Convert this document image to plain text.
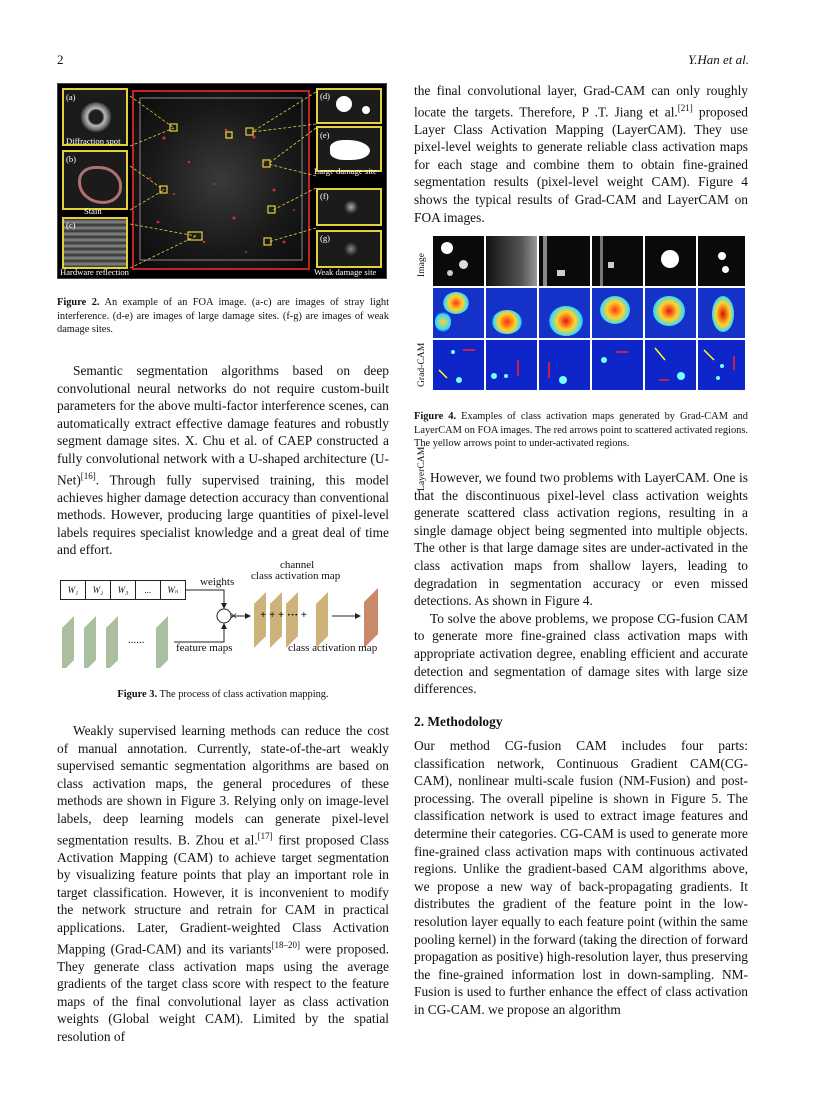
2	Y.Han et al.
(a)
Diffraction spot
(b)
Stain
(c)
Hardware reflection
(d)
(e)
Large damage site
(f)
(g)
Weak damage site
Figure 2. An example of an FOA image. (a-c) are images of stray light interference. (d-e) are images of large damage sites. (f-g) are images of weak damage sites.

Semantic segmentation algorithms based on deep convolutional neural networks do not require custom-built parameters for the above multi-factor interference scenes, can automatically extract effective damage features and robustly segment damage sites. X. Chu et al. of CAEP constructed a fully convolutional network with a U-shaped architecture (U-Net)[16]. Through fully supervised training, this model achieves higher damage detection accuracy than conventional methods. However, producing large quantities of pixel-level labels requires specialist knowledge and a great deal of time and effort.

W₁	W₂	W₃	...	Wₙ
weights
channel
class activation map
× + + + ··· +
......
feature maps	class activation map
Figure 3. The process of class activation mapping.

Weakly supervised learning methods can reduce the cost of manual annotation. Currently, state-of-the-art weakly supervised semantic segmentation algorithms are based on class activation maps, the general procedures of these methods are shown in Figure 3. Relying only on image-level labels, deep learning models can generate pixel-level segmentation results. B. Zhou et al.[17] first proposed Class Activation Mapping (CAM) to achieve target segmentation by visualizing feature points that play an important role in target classification. However, it is inconvenient to modify the network structure and retrain for CAM in practical applications. Later, Gradient-weighted Class Activation Mapping (Grad-CAM) and its variants[18–20] were proposed. They generate class activation maps using the average gradients of the target class score with respect to the feature maps of the final convolutional layer as class activation weights (Global weight CAM). Limited by the spatial resolution of

the final convolutional layer, Grad-CAM can only roughly locate the targets. Therefore, P .T. Jiang et al.[21] proposed Layer Class Activation Mapping (LayerCAM). They use pixel-level weights to generate reliable class activation maps for each stage and combine them to obtain fine-grained segmentation results (pixel-level weight CAM). Figure 4 shows the typical results of Grad-CAM and LayerCAM on FOA images.

Image
Grad-CAM
LayerCAM
Figure 4. Examples of class activation maps generated by Grad-CAM and LayerCAM on FOA images. The red arrows point to scattered activated regions. The yellow arrows point to under-activated regions.

However, we found two problems with LayerCAM. One is that the discontinuous pixel-level class activation weights generate scattered class activation regions, resulting in a single damage object being segmented into multiple objects. The other is that large damage sites are under-activated in the class activation maps from shallow layers, leading to degradation in segmentation accuracy or even missed detections. As shown in Figure 4.

To solve the above problems, we propose CG-fusion CAM to generate more fine-grained class activation maps with appropriate activation degree, enabling efficient and accurate detection and segmentation of damage sites with large size differences.

2. Methodology

Our method CG-fusion CAM includes four parts: classification network, Continuous Gradient CAM(CG-CAM), nonlinear multi-scale fusion (NM-Fusion) and post-processing. The overall pipeline is shown in Figure 5. The classification network is used to extract image features and determine their categories. CG-CAM is used to generate more fine-grained class activation maps with continuous activated regions. Unlike the gradient-based CAM algorithms above, we propose a new way of back-propagating gradients. It distributes the gradient of the feature point in the low-resolution layer equally to each feature point (within the same pooling kernel) in the forward (taking the direction of forward propagation as positive) high-resolution layer, thus preserving the fine-grained information lost in down-sampling. NM-Fusion is used to further enhance the effect of class activation in CG-CAM. we propose an algorithm
